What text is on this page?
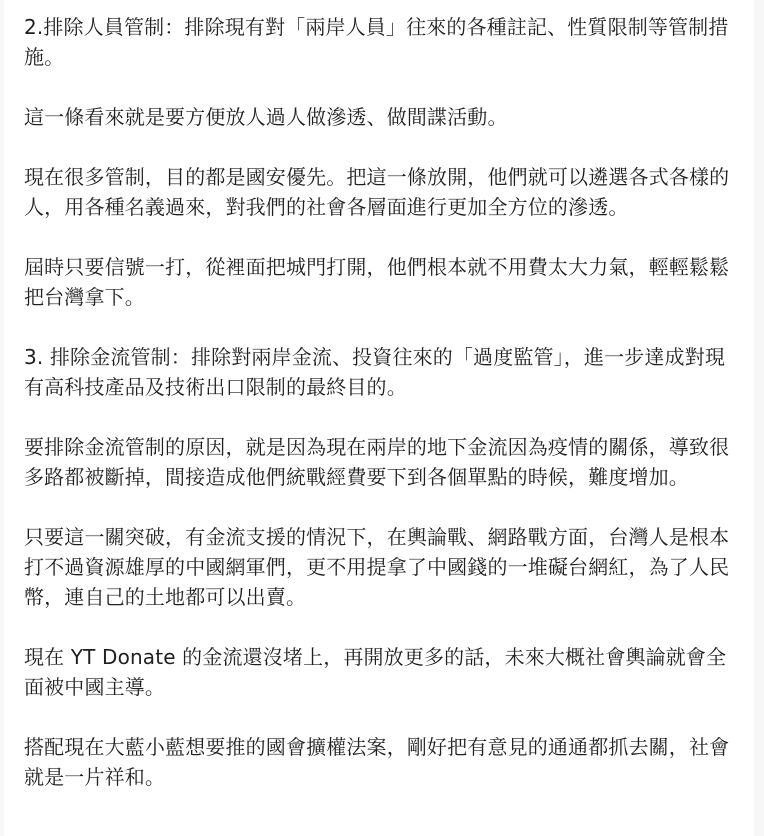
2.排除人員管制：排除現有對「兩岸人員」往來的各種註記、性質限制等管制措施。

這一條看來就是要方便放人過人做滲透、做間諜活動。

現在很多管制，目的都是國安優先。把這一條放開，他們就可以遴選各式各樣的人，用各種名義過來，對我們的社會各層面進行更加全方位的滲透。

屆時只要信號一打，從裡面把城門打開，他們根本就不用費太大力氣，輕輕鬆鬆把台灣拿下。

3. 排除金流管制：排除對兩岸金流、投資往來的「過度監管」，進一步達成對現有高科技產品及技術出口限制的最終目的。

要排除金流管制的原因，就是因為現在兩岸的地下金流因為疫情的關係，導致很多路都被斷掉，間接造成他們統戰經費要下到各個單點的時候，難度增加。

只要這一關突破，有金流支援的情況下，在輿論戰、網路戰方面，台灣人是根本打不過資源雄厚的中國網軍們，更不用提拿了中國錢的一堆礙台網紅，為了人民幣，連自己的土地都可以出賣。

現在 YT Donate 的金流還沒堵上，再開放更多的話，未來大概社會輿論就會全面被中國主導。

搭配現在大藍小藍想要推的國會擴權法案，剛好把有意見的通通都抓去關，社會就是一片祥和。
